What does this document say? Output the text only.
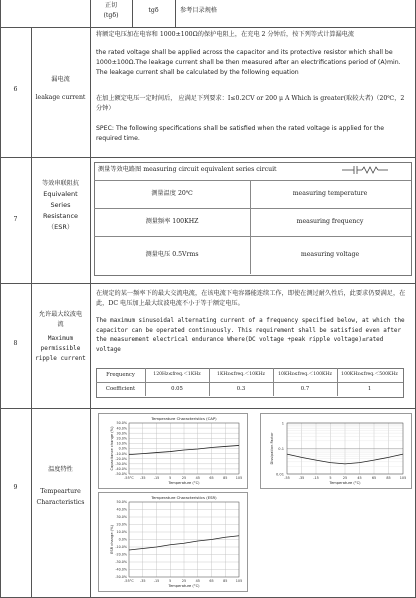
正切
(tgδ)
tgδ	参考目录规格
6
漏电流
leakage current
将额定电压加在电容和 1000±100Ω的保护电阻上，在充电 2 分钟后，按下列等式计算漏电流
the rated voltage shall be applied across the capacitor and its protective resistor which shall be 1000±100Ω.The leakage current shall be then measured after an electrifications period of (A)min. The leakage current shall be calculated by the following equation
在加上额定电压一定时间后， 应满足下列要求：I≤0.2CV or 200 μ A Which is greater(取较大者)（20℃，2 分钟）
SPEC: The following specifications shall be satisfied when the rated voltage is applied for the required time.
7
等效串联阻抗
Equivalent
Series
Resistance
（ESR）
测量等效电路图 measuring circuit equivalent series circuit
测量温度 20℃	measuring temperature
测量频率 100KHZ	measuring frequency
测量电压 0.5Vrms	measuring voltage
8
允许最大纹波电
流
Maximum
permissible
ripple current
在规定的某一频率下的最大交流电流，在该电流下电容器能连续工作，即使在测过耐久性后，此要求仍要满足，在此，DC 电压加上最大纹波电流不小于等于额定电压。
The maximum sinusoidal alternating current of a frequency specified below, at which the capacitor can be operated continuously. This requirement shall be satisfied even after the measurement electrical endurance Where(DC voltage +peak ripple voltage)≤rated voltage
Frequency	120Hz≤freq.＜1KHz	1KHz≤freq.＜10KHz	10KHz≤freq.＜100KHz	100KHz≤freq.＜500KHz
Coefficient	0.05	0.3	0.7	1
9
温度特性
Tempearture
Characteristics
Temperature Characteristics (CAP)
-55°C -35 -15	5	25	45	65	85 105
50.0%
40.0%
30.0%
20.0%
10.0%
0.0%
-10.0%
-20.0%
-30.0%
-40.0%
-50.0%
Temperature (°C)
Capacitance change (%)
-55	-35	-15	5	25	45	65	85	105
1
0.1
0.01
Temperature (°C)
Dissipation Factor
Temperature Characteristics (ESR)
-55°C -35 -15	5	25	45	65	85 105
50.0%
40.0%
30.0%
20.0%
10.0%
0.0%
-10.0%
-20.0%
-30.0%
-40.0%
-50.0%
Temperature (°C)
ESR change (%)
